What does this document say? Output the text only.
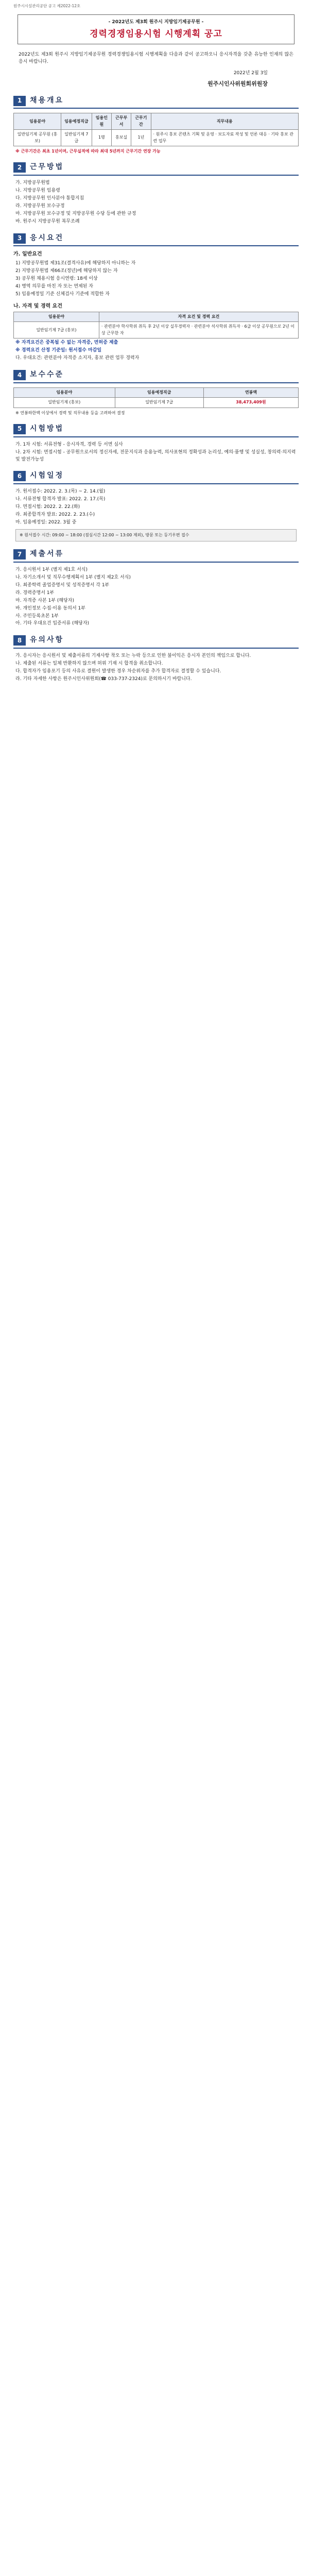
원주시시설관리공단 공고 제2022-12호
- 2022년도 제3회 원주시 지방임기제공무원 -
경력경쟁임용시험 시행계획 공고
2022년도 제3회 원주시 지방임기제공무원 경력경쟁임용시험 시행계획을 다음과 같이 공고하오니 응시자격을 갖춘 유능한 인재의 많은 응시 바랍니다.
2022년 2월 3일
원주시인사위원회위원장
1	채용개요
임용분야	임용예정직급	임용인원	근무부서	근무기간	직무내용
일반임기제 공무원 (홍보)	일반임기제 7급	1명	홍보실	1년	· 원주시 홍보 콘텐츠 기획 및 운영 · 보도자료 작성 및 언론 대응 · 기타 홍보 관련 업무
※ 근무기간은 최초 1년이며, 근무실적에 따라 최대 5년까지 근무기간 연장 가능
2	근무방법
가. 지방공무원법
나. 지방공무원 임용령
다. 지방공무원 인사분야 통합지침
라. 지방공무원 보수규정
마. 지방공무원 보수규정 및 지방공무원 수당 등에 관한 규정
바. 원주시 지방공무원 복무조례
3	응시요건
가. 일반요건
1) 지방공무원법 제31조(결격사유)에 해당하지 아니하는 자
2) 지방공무원법 제66조(정년)에 해당하지 않는 자
3) 공무원 채용시험 응시연령: 18세 이상
4) 병역 의무를 마친 자 또는 면제된 자
5) 임용예정일 기준 신체검사 기준에 적합한 자
나. 자격 및 경력 요건
임용분야	자격 요건 및 경력 요건
일반임기제 7급 (홍보)	· 관련분야 학사학위 취득 후 2년 이상 실무경력자 · 관련분야 석사학위 취득자 · 6급 이상 공무원으로 2년 이상 근무한 자
※ 자격요건은 중복될 수 없는 자격증, 면허증 제출
※ 경력요건 산정 기준일: 원서접수 마감일
다. 우대요건: 관련분야 자격증 소지자, 홍보 관련 업무 경력자
4	보수수준
임용분야	임용예정직급	연봉액
일반임기제 (홍보)	일반임기제 7급	38,473,409원
※ 연봉하한액 이상에서 경력 및 직무내용 등을 고려하여 결정
5	시험방법
가. 1차 시험: 서류전형 - 응시자격, 경력 등 서면 심사
나. 2차 시험: 면접시험 - 공무원으로서의 정신자세, 전문지식과 응용능력, 의사표현의 정확성과 논리성, 예의·품행 및 성실성, 창의력·의지력 및 발전가능성
6	시험일정
가. 원서접수: 2022. 2. 3.(목) ~ 2. 14.(월)
나. 서류전형 합격자 발표: 2022. 2. 17.(목)
다. 면접시험: 2022. 2. 22.(화)
라. 최종합격자 발표: 2022. 2. 23.(수)
마. 임용예정일: 2022. 3월 중
※ 원서접수 시간: 09:00 ~ 18:00 (점심시간 12:00 ~ 13:00 제외), 방문 또는 등기우편 접수
7	제출서류
가. 응시원서 1부 (별지 제1호 서식)
나. 자기소개서 및 직무수행계획서 1부 (별지 제2호 서식)
다. 최종학력 졸업증명서 및 성적증명서 각 1부
라. 경력증명서 1부
마. 자격증 사본 1부 (해당자)
바. 개인정보 수집·이용 동의서 1부
사. 주민등록초본 1부
아. 기타 우대요건 입증서류 (해당자)
8	유의사항
가. 응시자는 응시원서 및 제출서류의 기재사항 착오 또는 누락 등으로 인한 불이익은 응시자 본인의 책임으로 합니다.
나. 제출된 서류는 일체 반환하지 않으며 허위 기재 시 합격을 취소합니다.
다. 합격자가 임용포기 등의 사유로 결원이 발생한 경우 차순위자를 추가 합격자로 결정할 수 있습니다.
라. 기타 자세한 사항은 원주시인사위원회(☎ 033-737-2324)로 문의하시기 바랍니다.
